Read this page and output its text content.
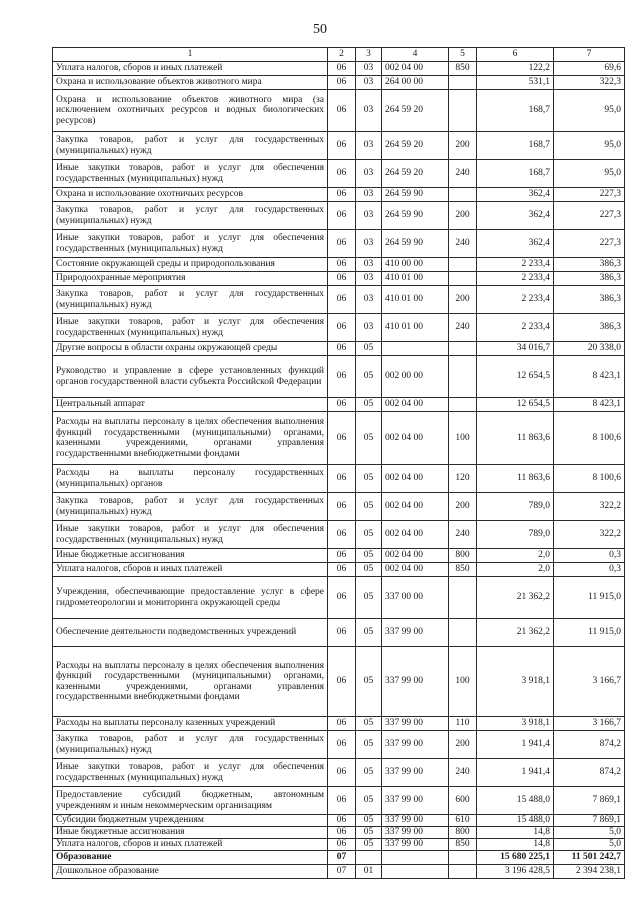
50
1	2	3	4	5	6	7
Уплата налогов, сборов и иных платежей	06	03	002 04 00	850	122,2	69,6
Охрана и использование объектов животного мира	06	03	264 00 00		531,1	322,3
Охрана и использование объектов животного мира (за исключением охотничьих ресурсов и водных биологических ресурсов)	06	03	264 59 20		168,7	95,0
Закупка товаров, работ и услуг для государственных (муниципальных) нужд	06	03	264 59 20	200	168,7	95,0
Иные закупки товаров, работ и услуг для обеспечения государственных (муниципальных) нужд	06	03	264 59 20	240	168,7	95,0
Охрана и использование охотничьих ресурсов	06	03	264 59 90		362,4	227,3
Закупка товаров, работ и услуг для государственных (муниципальных) нужд	06	03	264 59 90	200	362,4	227,3
Иные закупки товаров, работ и услуг для обеспечения государственных (муниципальных) нужд	06	03	264 59 90	240	362,4	227,3
Состояние окружающей среды и природопользования	06	03	410 00 00		2 233,4	386,3
Природоохранные мероприятия	06	03	410 01 00		2 233,4	386,3
Закупка товаров, работ и услуг для государственных (муниципальных) нужд	06	03	410 01 00	200	2 233,4	386,3
Иные закупки товаров, работ и услуг для обеспечения государственных (муниципальных) нужд	06	03	410 01 00	240	2 233,4	386,3
Другие вопросы в области охраны окружающей среды	06	05			34 016,7	20 338,0
Руководство и управление в сфере установленных функций органов государственной власти субъекта Российской Федерации	06	05	002 00 00		12 654,5	8 423,1
Центральный аппарат	06	05	002 04 00		12 654,5	8 423,1
Расходы на выплаты персоналу в целях обеспечения выполнения функций государственными (муниципальными) органами, казенными учреждениями, органами управления государственными внебюджетными фондами	06	05	002 04 00	100	11 863,6	8 100,6
Расходы на выплаты персоналу государственных (муниципальных) органов	06	05	002 04 00	120	11 863,6	8 100,6
Закупка товаров, работ и услуг для государственных (муниципальных) нужд	06	05	002 04 00	200	789,0	322,2
Иные закупки товаров, работ и услуг для обеспечения государственных (муниципальных) нужд	06	05	002 04 00	240	789,0	322,2
Иные бюджетные ассигнования	06	05	002 04 00	800	2,0	0,3
Уплата налогов, сборов и иных платежей	06	05	002 04 00	850	2,0	0,3
Учреждения, обеспечивающие предоставление услуг в сфере гидрометеорологии и мониторинга окружающей среды	06	05	337 00 00		21 362,2	11 915,0
Обеспечение деятельности подведомственных учреждений	06	05	337 99 00		21 362,2	11 915,0
Расходы на выплаты персоналу в целях обеспечения выполнения функций государственными (муниципальными) органами, казенными учреждениями, органами управления государственными внебюджетными фондами	06	05	337 99 00	100	3 918,1	3 166,7
Расходы на выплаты персоналу казенных учреждений	06	05	337 99 00	110	3 918,1	3 166,7
Закупка товаров, работ и услуг для государственных (муниципальных) нужд	06	05	337 99 00	200	1 941,4	874,2
Иные закупки товаров, работ и услуг для обеспечения государственных (муниципальных) нужд	06	05	337 99 00	240	1 941,4	874,2
Предоставление субсидий бюджетным, автономным учреждениям и иным некоммерческим организациям	06	05	337 99 00	600	15 488,0	7 869,1
Субсидии бюджетным учреждениям	06	05	337 99 00	610	15 488,0	7 869,1
Иные бюджетные ассигнования	06	05	337 99 00	800	14,8	5,0
Уплата налогов, сборов и иных платежей	06	05	337 99 00	850	14,8	5,0
Образование	07				15 680 225,1	11 501 242,7
Дошкольное образование	07	01			3 196 428,5	2 394 238,1
